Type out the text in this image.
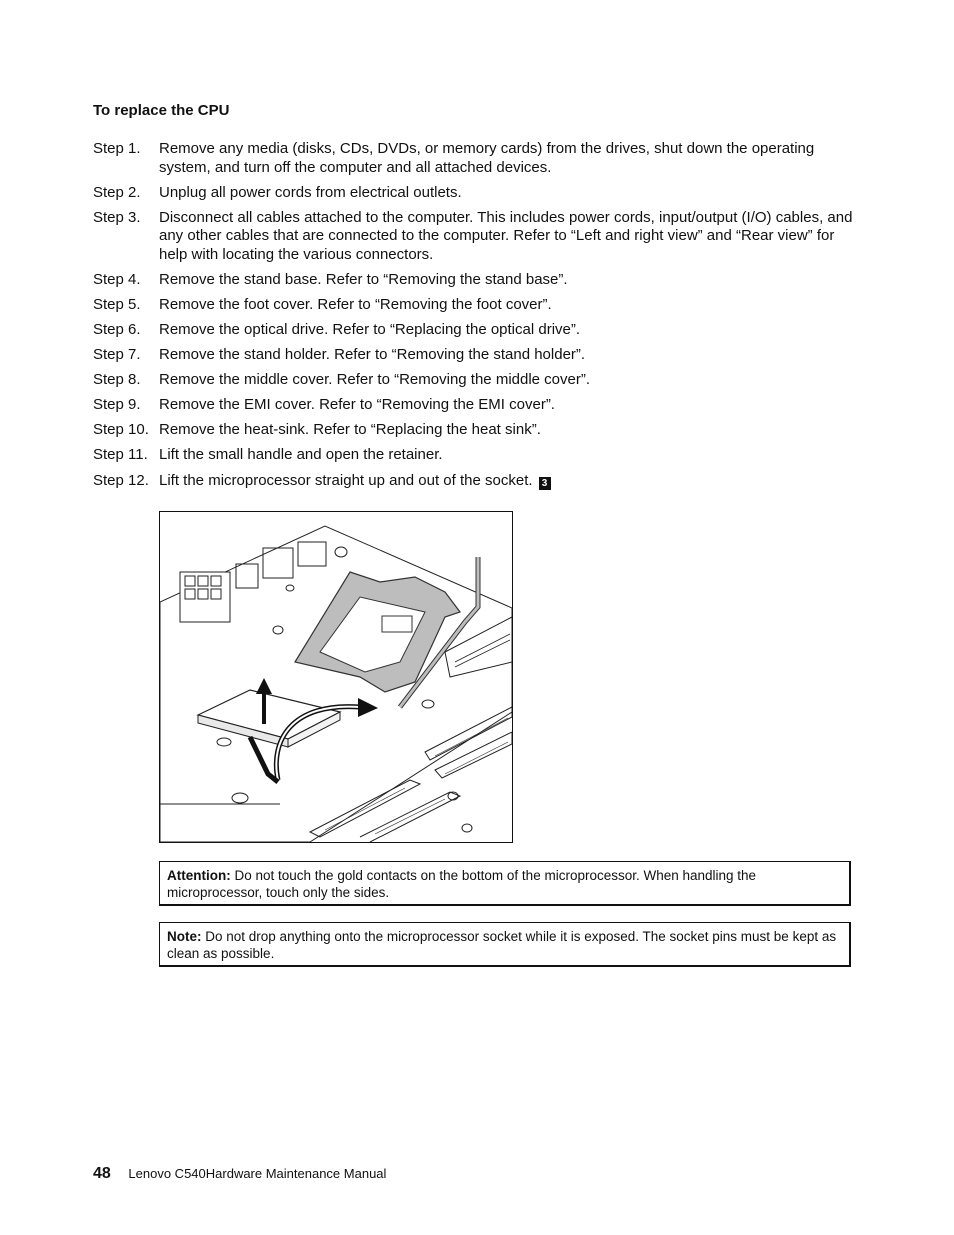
To replace the CPU
Step 1.	Remove any media (disks, CDs, DVDs, or memory cards) from the drives, shut down the operating system, and turn off the computer and all attached devices.
Step 2.	Unplug all power cords from electrical outlets.
Step 3.	Disconnect all cables attached to the computer. This includes power cords, input/output (I/O) cables, and any other cables that are connected to the computer. Refer to “Left and right view” and “Rear view” for help with locating the various connectors.
Step 4.	Remove the stand base. Refer to “Removing the stand base”.
Step 5.	Remove the foot cover. Refer to “Removing the foot cover”.
Step 6.	Remove the optical drive. Refer to “Replacing the optical drive”.
Step 7.	Remove the stand holder. Refer to “Removing the stand holder”.
Step 8.	Remove the middle cover. Refer to “Removing the middle cover”.
Step 9.	Remove the EMI cover. Refer to “Removing the EMI cover”.
Step 10. Remove the heat-sink. Refer to “Replacing the heat sink”.
Step 11. Lift the small handle and open the retainer.
Step 12. Lift the microprocessor straight up and out of the socket. 3
Attention: Do not touch the gold contacts on the bottom of the microprocessor. When handling the microprocessor, touch only the sides.
Note: Do not drop anything onto the microprocessor socket while it is exposed. The socket pins must be kept as clean as possible.
48 Lenovo C540Hardware Maintenance Manual
